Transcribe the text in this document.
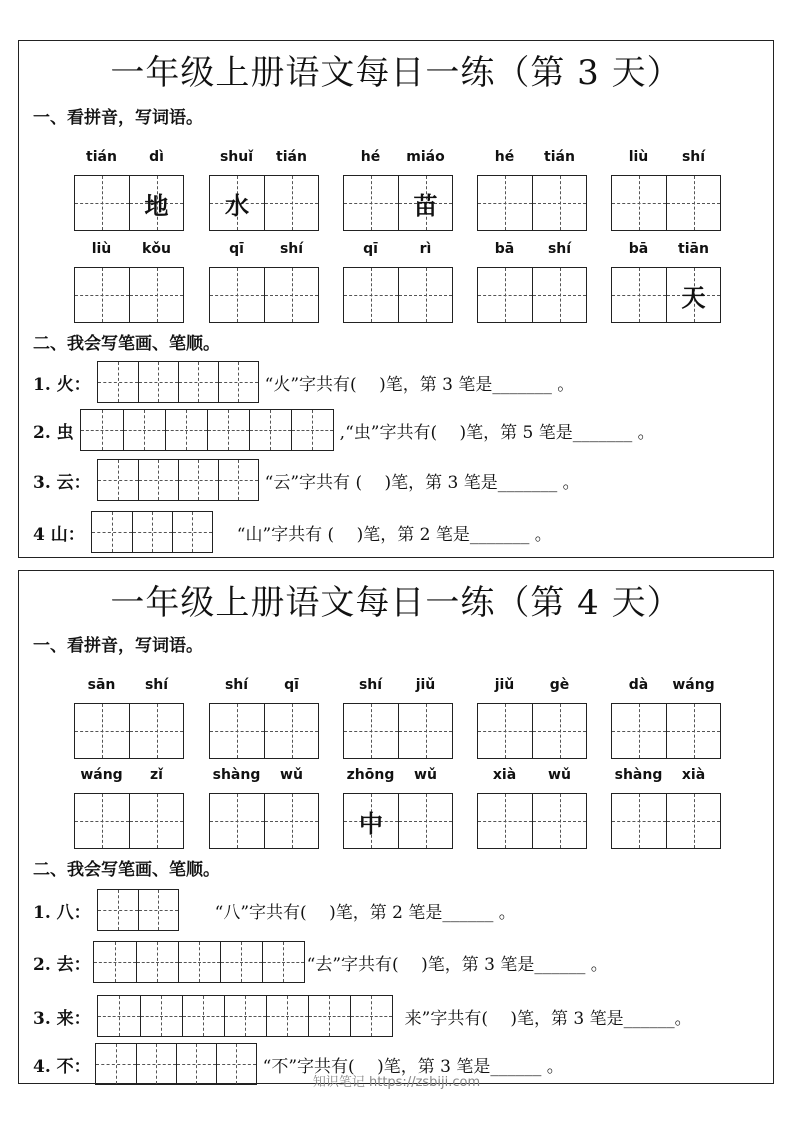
一年级上册语文每日一练（第 3 天）
一、看拼音，写词语。
tián	dì
地
shuǐ	tián
水
hé	miáo
苗
hé	tián	liù	shí
liù	kǒu	qī	shí	qī	rì	bā	shí	bā	tiān
天
二、我会写笔画、笔顺。
1. 火：	“火”字共有(　 )笔，第 3 笔是_______ 。
2. 虫	,“虫”字共有(　 )笔，第 5 笔是_______ 。
3. 云：	“云”字共有 ( 　)笔，第 3 笔是_______ 。
4 山：	“山”字共有 ( 　)笔，第 2 笔是_______ 。
一年级上册语文每日一练（第 4 天）
一、看拼音，写词语。
sān	shí	shí	qī	shí	jiǔ	jiǔ	gè	dà	wáng
wáng	zǐ	shàng	wǔ	zhōng	wǔ
中
xià	wǔ	shàng	xià
二、我会写笔画、笔顺。
1. 八：	“八”字共有(　 )笔，第 2 笔是______ 。
2. 去：	“去”字共有(　 )笔，第 3 笔是______ 。
3. 来：	来”字共有(　 )笔，第 3 笔是______。
4. 不：	“不”字共有(　 )笔，第 3 笔是______ 。
知识笔记 https://zsbiji.com
